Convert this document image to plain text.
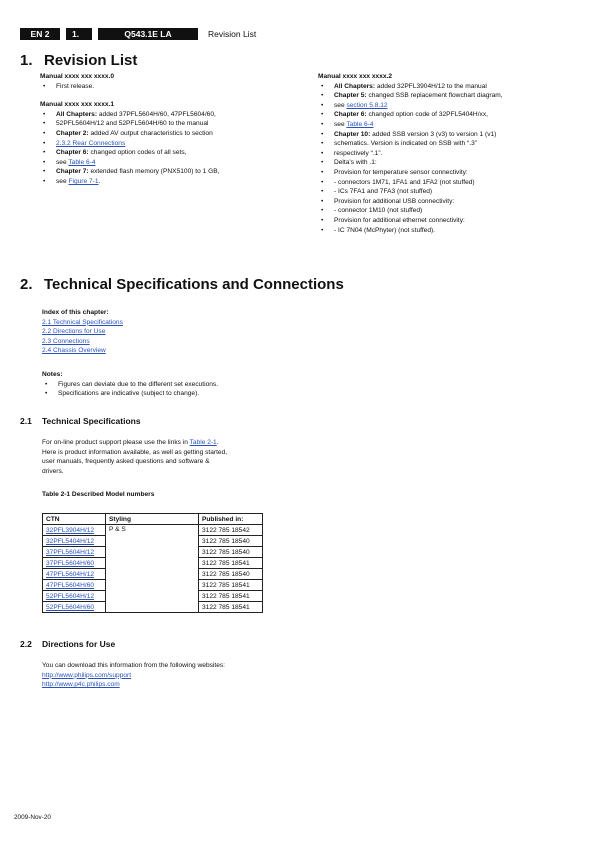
EN 2	1.	Q543.1E LA	Revision List
1. Revision List

Manual xxxx xxx xxxx.0

• First release.

Manual xxxx xxx xxxx.1

• All Chapters: added 37PFL5604H/60, 47PFL5604/60,
• 52PFL5604H/12 and 52PFL5604H/60 to the manual
• Chapter 2: added AV output characteristics to section
• 2.3.2 Rear Connections
• Chapter 6: changed option codes of all sets,
• see Table 6-4
• Chapter 7: extended flash memory (PNX5100) to 1 GB,
• see Figure 7-1.

Manual xxxx xxx xxxx.2

• All Chapters: added 32PFL3904H/12 to the manual
• Chapter 5: changed SSB replacement flowchart diagram,
• see section 5.8.12
• Chapter 6: changed option code of 32PFL5404H/xx,
• see Table 6-4
• Chapter 10: added SSB version 3 (v3) to version 1 (v1)
• schematics. Version is indicated on SSB with “.3”
• respectively “.1”.
• Delta’s with .1:
• Provision for temperature sensor connectivity:
• - connectors 1M71, 1FA1 and 1FA2 (not stuffed)
• - ICs 7FA1 and 7FA3 (not stuffed)
• Provision for additional USB connectivity:
• - connector 1M10 (not stuffed)
• Provision for additional ethernet connectivity:
• - IC 7N04 (McPhyter) (not stuffed).
2. Technical Specifications and Connections

Index of this chapter:

2.1 Technical Specifications

2.2 Directions for Use

2.3 Connections

2.4 Chassis Overview

Notes:

• Figures can deviate due to the different set executions.
• Specifications are indicative (subject to change).
2.1 Technical Specifications

For on-line product support please use the links in Table 2-1.

Here is product information available, as well as getting started,

user manuals, frequently asked questions and software &

drivers.

Table 2-1 Described Model numbers

CTN	Styling	Published in:
32PFL3904H/12	P & S	3122 785 18542
32PFL5404H/12		3122 785 18540
37PFL5604H/12		3122 785 18540
37PFL5604H/60		3122 785 18541
47PFL5604H/12		3122 785 18540
47PFL5604H/60		3122 785 18541
52PFL5604H/12		3122 785 18541
52PFL5604H/60		3122 785 18541
2.2 Directions for Use

You can download this information from the following websites:

http://www.philips.com/support

http://www.p4c.philips.com

2009-Nov-20
